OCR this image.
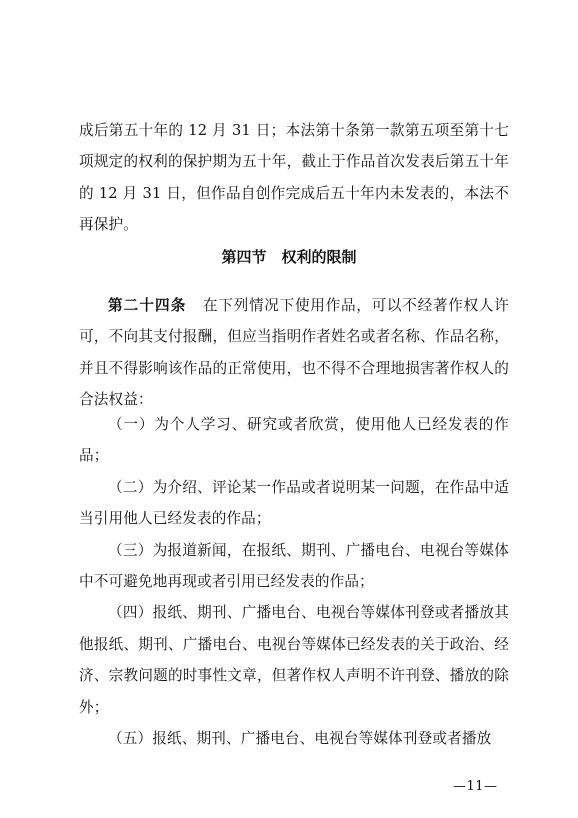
成后第五十年的 12 月 31 日；本法第十条第一款第五项至第十七项规定的权利的保护期为五十年，截止于作品首次发表后第五十年的 12 月 31 日，但作品自创作完成后五十年内未发表的，本法不再保护。

第四节　权利的限制

第二十四条 在下列情况下使用作品，可以不经著作权人许可，不向其支付报酬，但应当指明作者姓名或者名称、作品名称，并且不得影响该作品的正常使用，也不得不合理地损害著作权人的合法权益：

（一）为个人学习、研究或者欣赏，使用他人已经发表的作品；

（二）为介绍、评论某一作品或者说明某一问题，在作品中适当引用他人已经发表的作品；

（三）为报道新闻，在报纸、期刊、广播电台、电视台等媒体中不可避免地再现或者引用已经发表的作品；

（四）报纸、期刊、广播电台、电视台等媒体刊登或者播放其他报纸、期刊、广播电台、电视台等媒体已经发表的关于政治、经济、宗教问题的时事性文章，但著作权人声明不许刊登、播放的除外；

（五）报纸、期刊、广播电台、电视台等媒体刊登或者播放

—11—
